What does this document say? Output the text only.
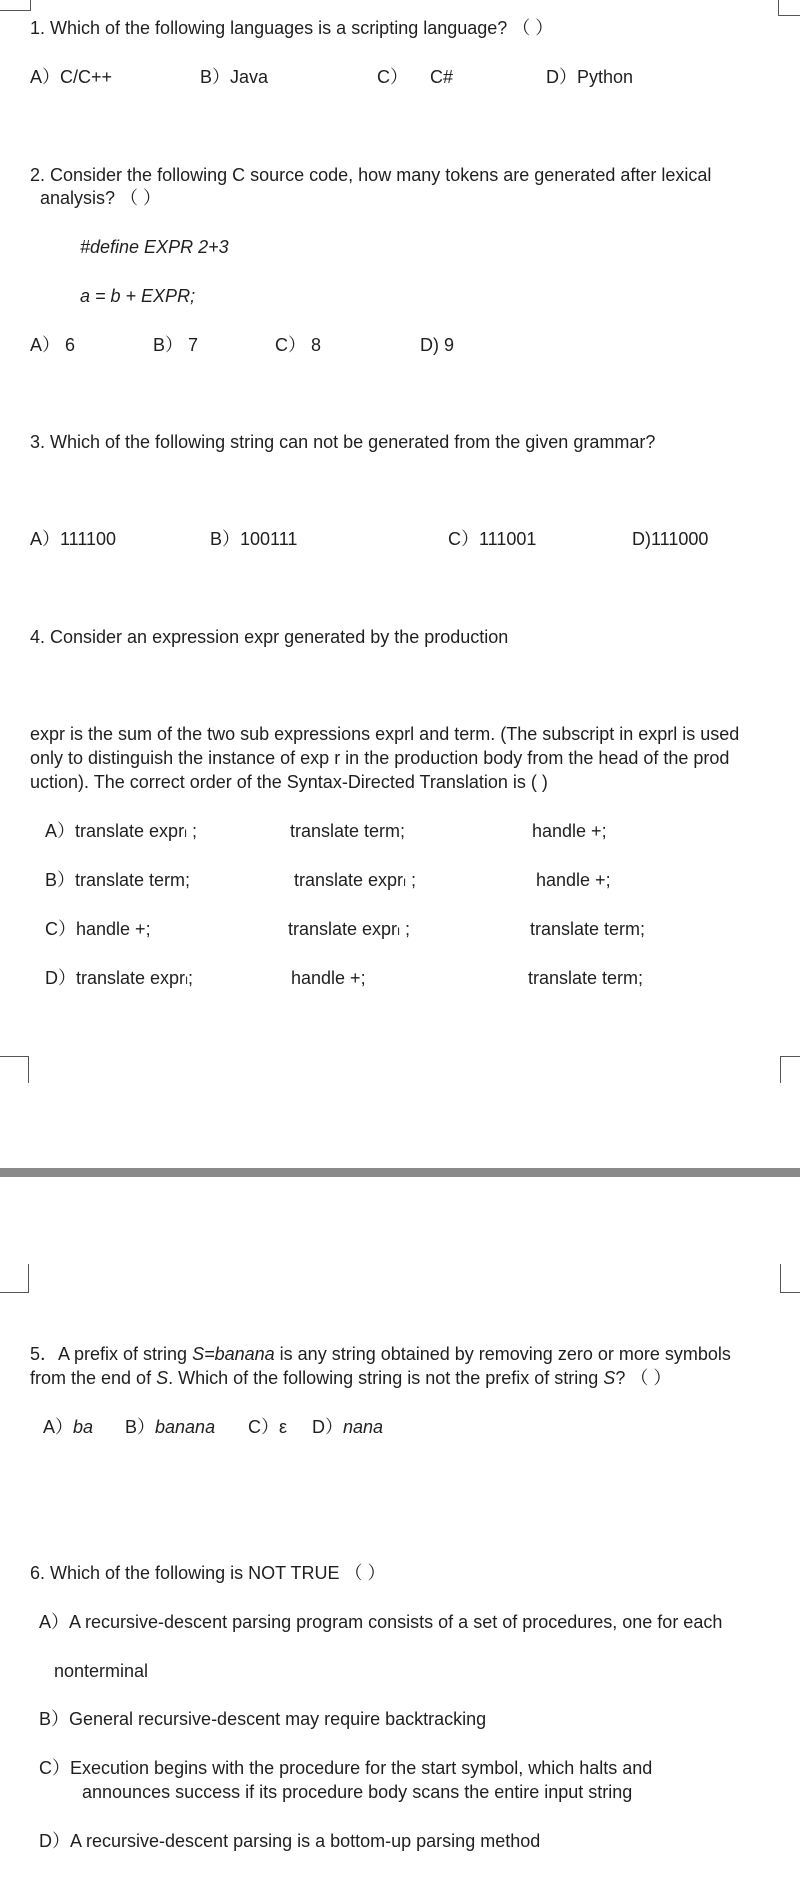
1. Which of the following languages is a scripting language? （ ）
A）C/C++	B）Java	C） C#	D）Python
2. Consider the following C source code, how many tokens are generated after lexical
analysis? （ ）
#define EXPR 2+3
a = b + EXPR;
A） 6	B） 7	C） 8	D) 9
3. Which of the following string can not be generated from the given grammar?
A）111100	B）100111	C）111001	D)111000
4. Consider an expression expr generated by the production
expr is the sum of the two sub expressions exprl and term. (The subscript in exprl is used
only to distinguish the instance of exp r in the production body from the head of the prod
uction). The correct order of the Syntax-Directed Translation is ( )
A）translate exprₗ ;	translate term;	handle +;
B）translate term;	translate exprₗ ;	handle +;
C）handle +;	translate exprₗ ;	translate term;
D）translate exprₗ;	handle +;	translate term;
5．A prefix of string S=banana is any string obtained by removing zero or more symbols
from the end of S. Which of the following string is not the prefix of string S? （ ）
A）ba B）banana C）ε D）nana
6. Which of the following is NOT TRUE （ ）
A）A recursive-descent parsing program consists of a set of procedures, one for each
nonterminal
B）General recursive-descent may require backtracking
C）Execution begins with the procedure for the start symbol, which halts and
announces success if its procedure body scans the entire input string
D）A recursive-descent parsing is a bottom-up parsing method
